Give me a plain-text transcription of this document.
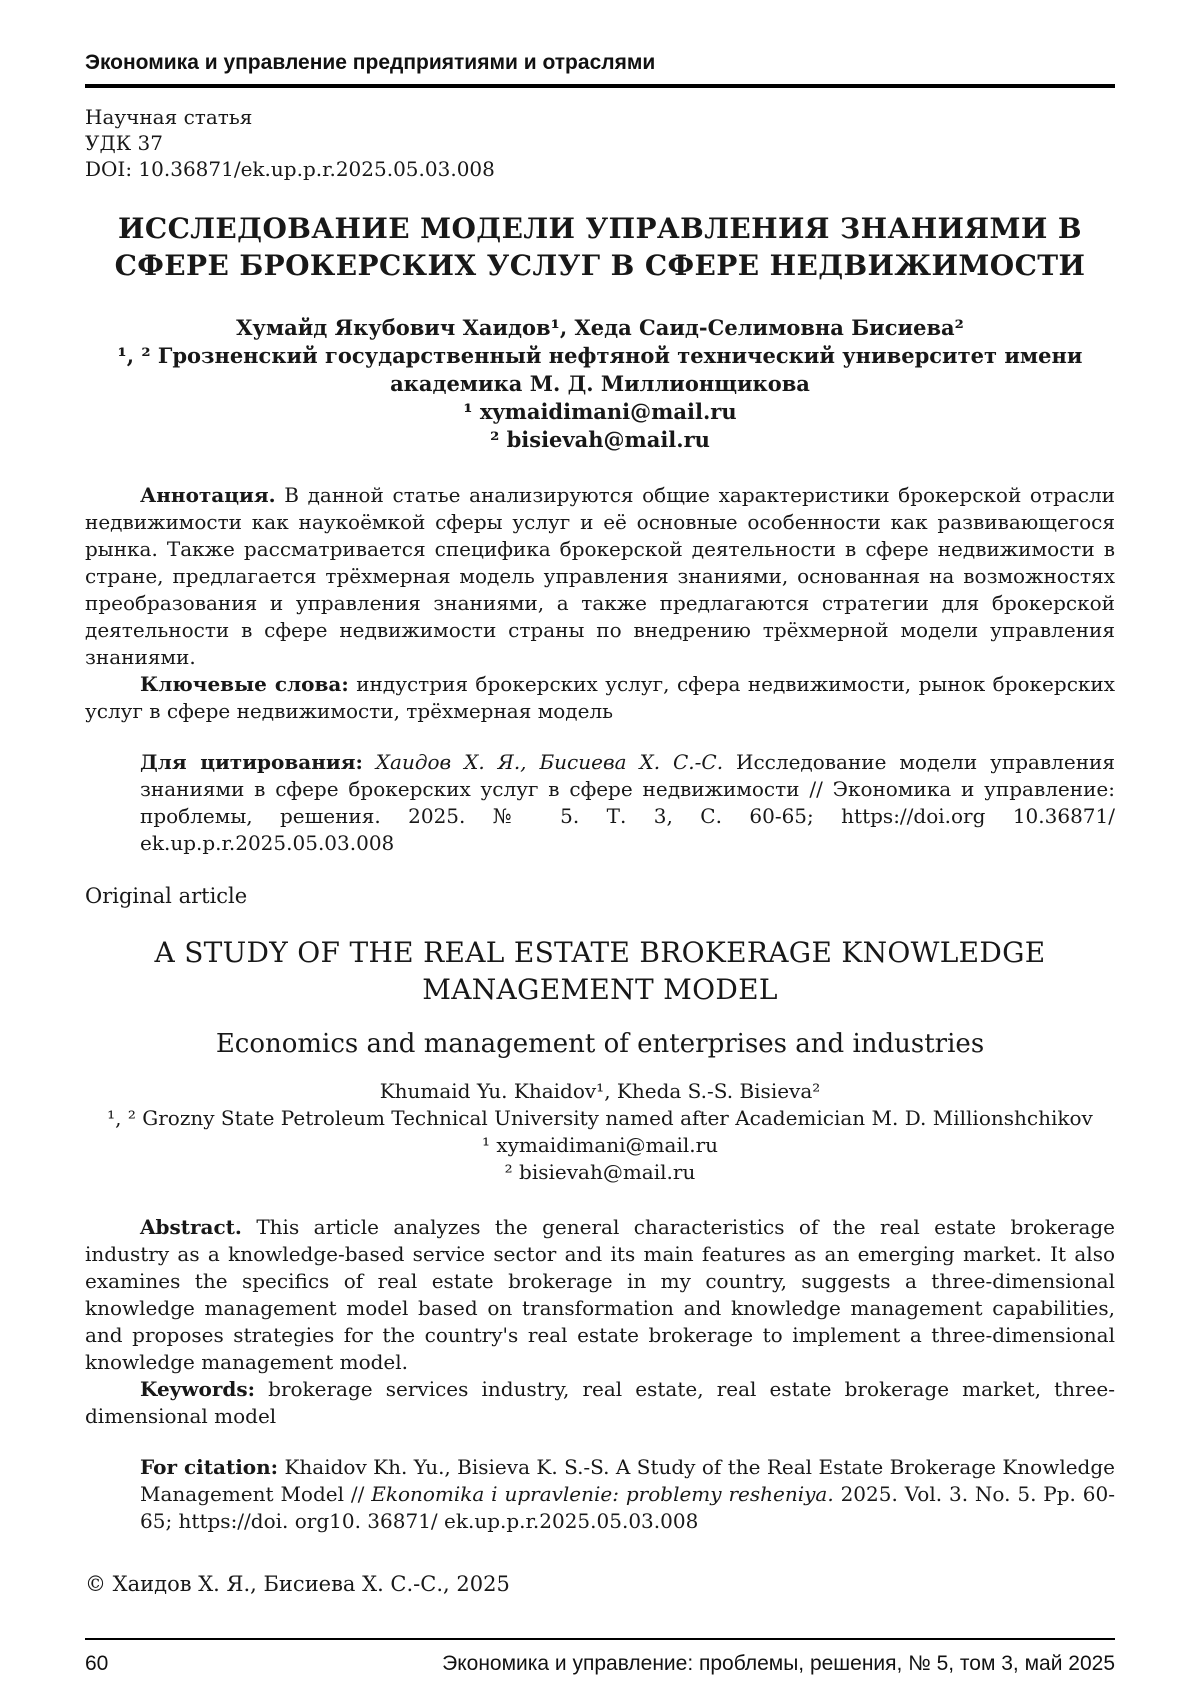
Экономика и управление предприятиями и отраслями
Научная статья
УДК 37
DOI: 10.36871/ek.up.p.r.2025.05.03.008
ИССЛЕДОВАНИЕ МОДЕЛИ УПРАВЛЕНИЯ ЗНАНИЯМИ В СФЕРЕ БРОКЕРСКИХ УСЛУГ В СФЕРЕ НЕДВИЖИМОСТИ
Хумайд Якубович Хаидов¹, Хеда Саид-Селимовна Бисиева²
¹, ² Грозненский государственный нефтяной технический университет имени академика М. Д. Миллионщикова
¹ xymaidimani@mail.ru
² bisievah@mail.ru

Аннотация. В данной статье анализируются общие характеристики брокерской отрасли недвижимости как наукоёмкой сферы услуг и её основные особенности как развивающегося рынка. Также рассматривается специфика брокерской деятельности в сфере недвижимости в стране, предлагается трёхмерная модель управления знаниями, основанная на возможностях преобразования и управления знаниями, а также предлагаются стратегии для брокерской деятельности в сфере недвижимости страны по внедрению трёхмерной модели управления знаниями.

Ключевые слова: индустрия брокерских услуг, сфера недвижимости, рынок брокерских услуг в сфере недвижимости, трёхмерная модель

Для цитирования: Хаидов Х. Я., Бисиева Х. С.-С. Исследование модели управления знаниями в сфере брокерских услуг в сфере недвижимости // Экономика и управление: проблемы, решения. 2025. № 5. Т. 3, С. 60-65; https://doi.org 10.36871/ ek.up.p.r.2025.05.03.008

Original article
A STUDY OF THE REAL ESTATE BROKERAGE KNOWLEDGE MANAGEMENT MODEL
Economics and management of enterprises and industries
Khumaid Yu. Khaidov¹, Kheda S.-S. Bisieva²
¹, ² Grozny State Petroleum Technical University named after Academician M. D. Millionshchikov
¹ xymaidimani@mail.ru
² bisievah@mail.ru

Abstract. This article analyzes the general characteristics of the real estate brokerage industry as a knowledge-based service sector and its main features as an emerging market. It also examines the specifics of real estate brokerage in my country, suggests a three-dimensional knowledge management model based on transformation and knowledge management capabilities, and proposes strategies for the country's real estate brokerage to implement a three-dimensional knowledge management model.

Keywords: brokerage services industry, real estate, real estate brokerage market, three-dimensional model

For citation: Khaidov Kh. Yu., Bisieva K. S.-S. A Study of the Real Estate Brokerage Knowledge Management Model // Ekonomika i upravlenie: problemy resheniya. 2025. Vol. 3. No. 5. Pp. 60-65; https://doi. org10. 36871/ ek.up.p.r.2025.05.03.008

© Хаидов Х. Я., Бисиева Х. С.-С., 2025
60	Экономика и управление: проблемы, решения, № 5, том 3, май 2025
